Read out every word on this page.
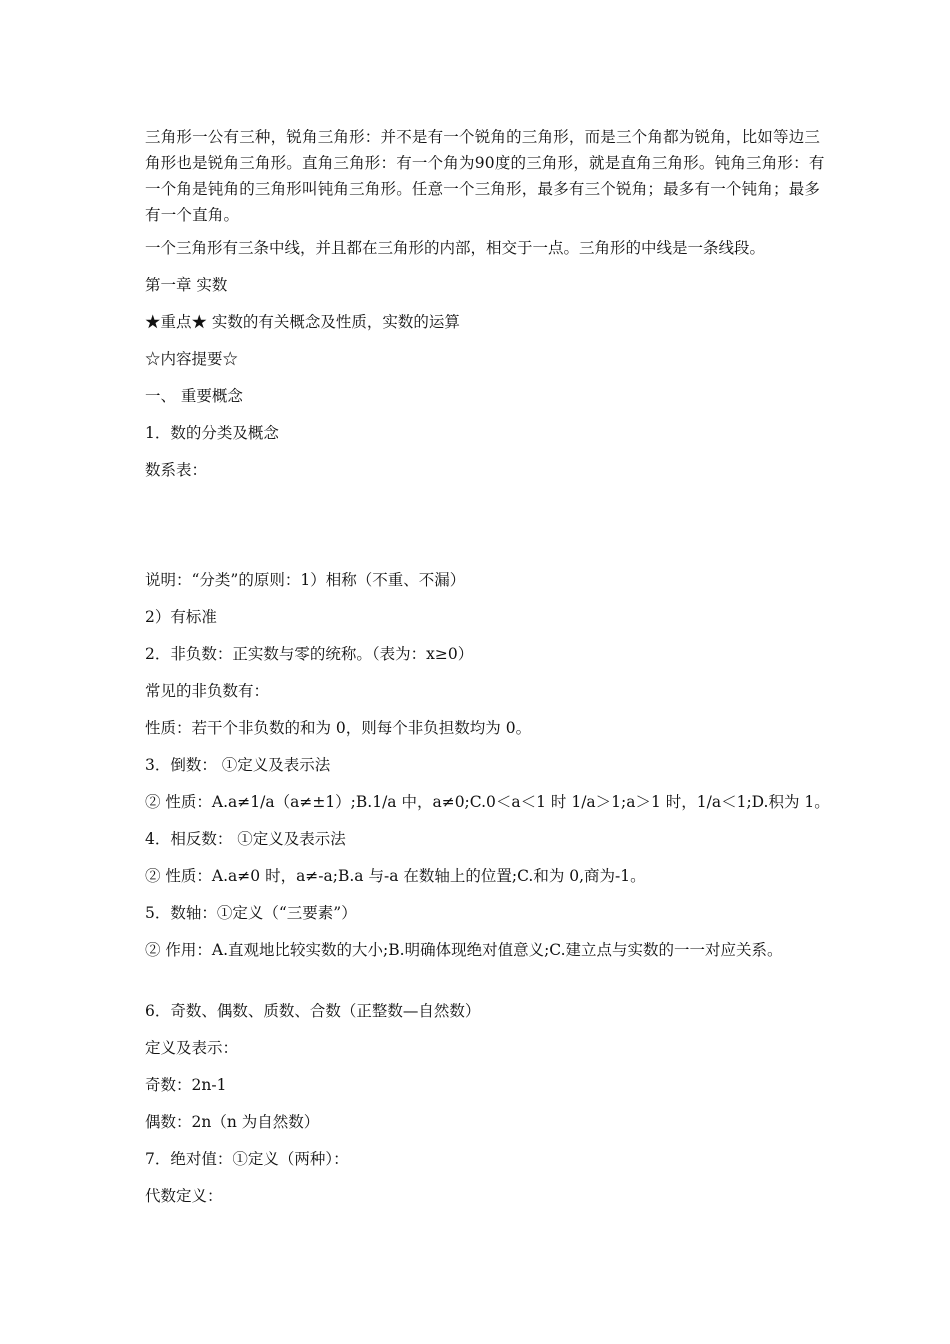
三角形一公有三种，锐角三角形：并不是有一个锐角的三角形，而是三个角都为锐角，比如等边三角形也是锐角三角形。直角三角形：有一个角为90度的三角形，就是直角三角形。钝角三角形：有一个角是钝角的三角形叫钝角三角形。任意一个三角形，最多有三个锐角；最多有一个钝角；最多有一个直角。
一个三角形有三条中线，并且都在三角形的内部，相交于一点。三角形的中线是一条线段。
第一章 实数
★重点★ 实数的有关概念及性质，实数的运算
☆内容提要☆
一、 重要概念
1．数的分类及概念
数系表：
说明：“分类”的原则：1）相称（不重、不漏）
2）有标准
2．非负数：正实数与零的统称。（表为：x≥0）
常见的非负数有：
性质：若干个非负数的和为 0，则每个非负担数均为 0。
3．倒数： ①定义及表示法
② 性质：A.a≠1/a（a≠±1）;B.1/a 中，a≠0;C.0＜a＜1 时 1/a＞1;a＞1 时，1/a＜1;D.积为 1。
4．相反数： ①定义及表示法
② 性质：A.a≠0 时，a≠-a;B.a 与-a 在数轴上的位置;C.和为 0,商为-1。
5．数轴：①定义（“三要素”）
② 作用：A.直观地比较实数的大小;B.明确体现绝对值意义;C.建立点与实数的一一对应关系。
6．奇数、偶数、质数、合数（正整数—自然数）
定义及表示：
奇数：2n-1
偶数：2n（n 为自然数）
7．绝对值：①定义（两种）：
代数定义：
